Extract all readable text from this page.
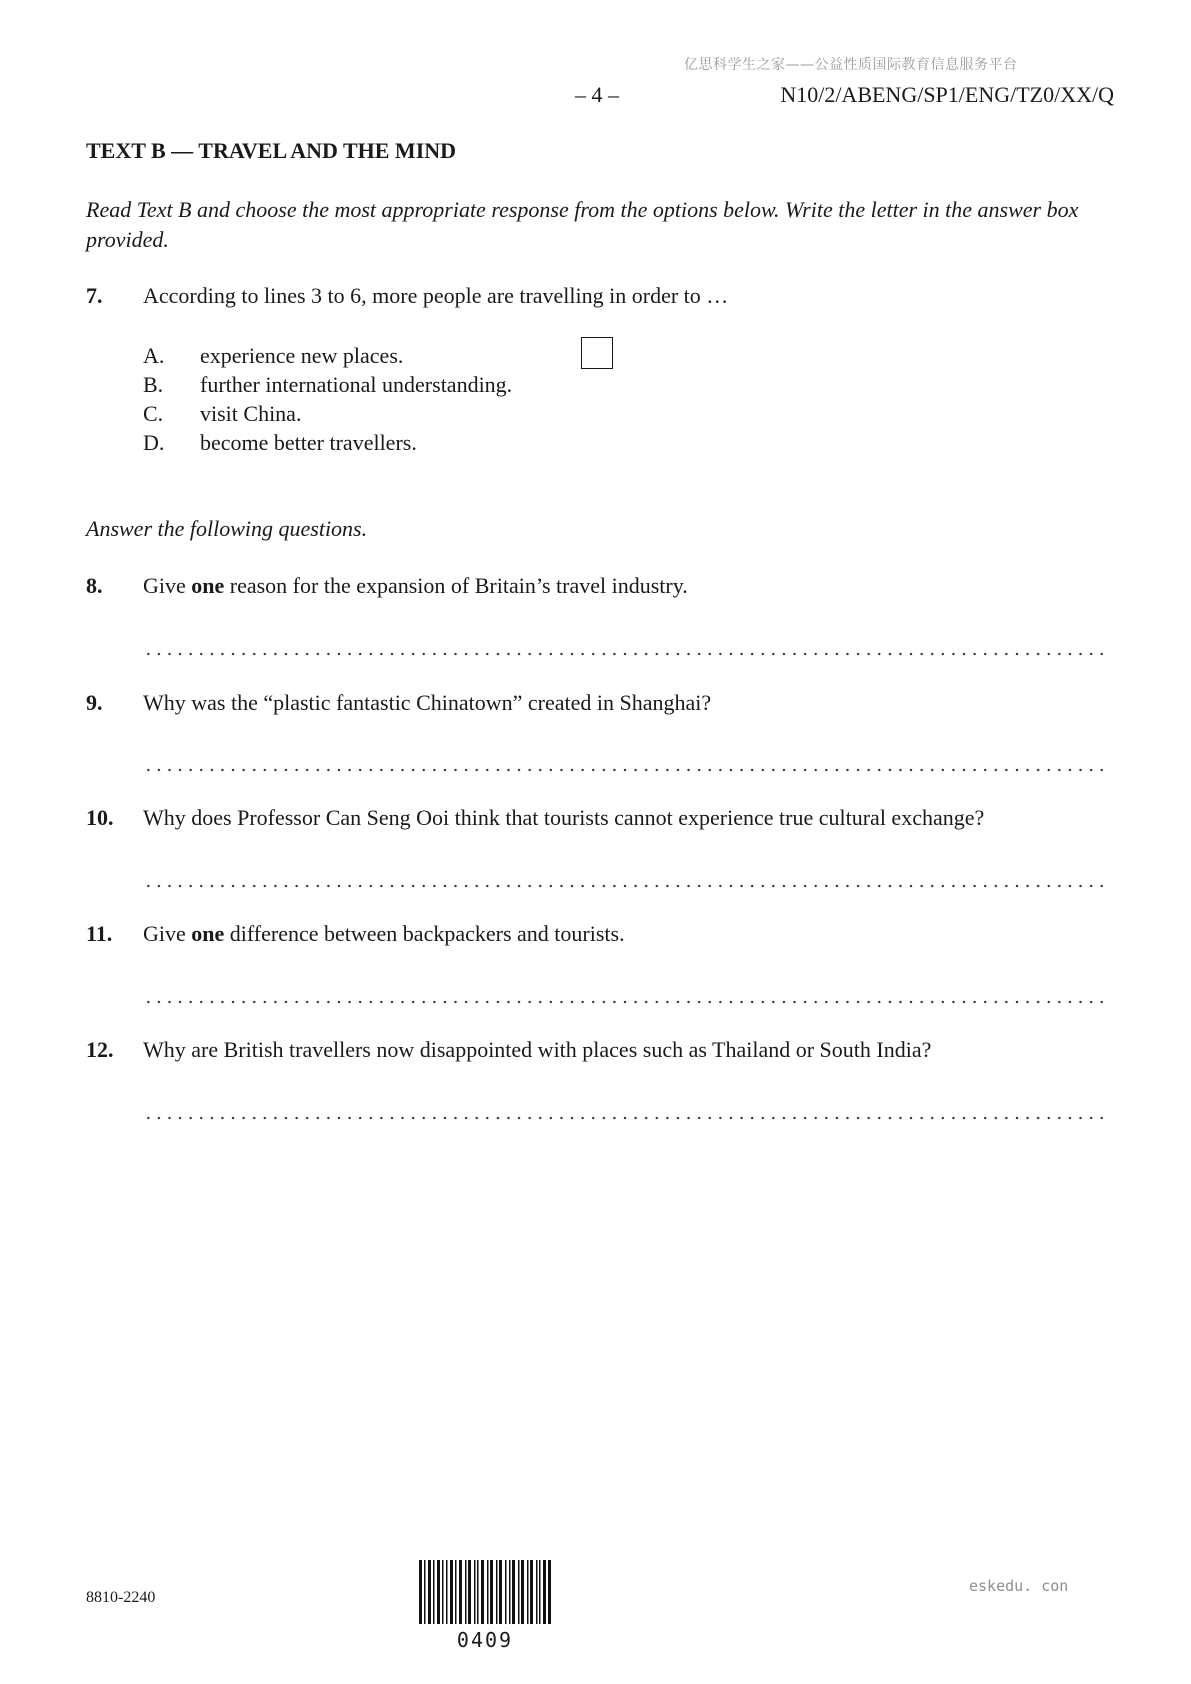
亿思科学生之家——公益性质国际教育信息服务平台
– 4 –	N10/2/ABENG/SP1/ENG/TZ0/XX/Q
TEXT B — TRAVEL AND THE MIND
Read Text B and choose the most appropriate response from the options below. Write the letter in the answer box provided.
7. According to lines 3 to 6, more people are travelling in order to …
A. experience new places.
B. further international understanding.
C. visit China.
D. become better travellers.
Answer the following questions.
8. Give one reason for the expansion of Britain’s travel industry.
9. Why was the “plastic fantastic Chinatown” created in Shanghai?
10. Why does Professor Can Seng Ooi think that tourists cannot experience true cultural exchange?
11. Give one difference between backpackers and tourists.
12. Why are British travellers now disappointed with places such as Thailand or South India?
8810-2240
0409
eskedu. con
